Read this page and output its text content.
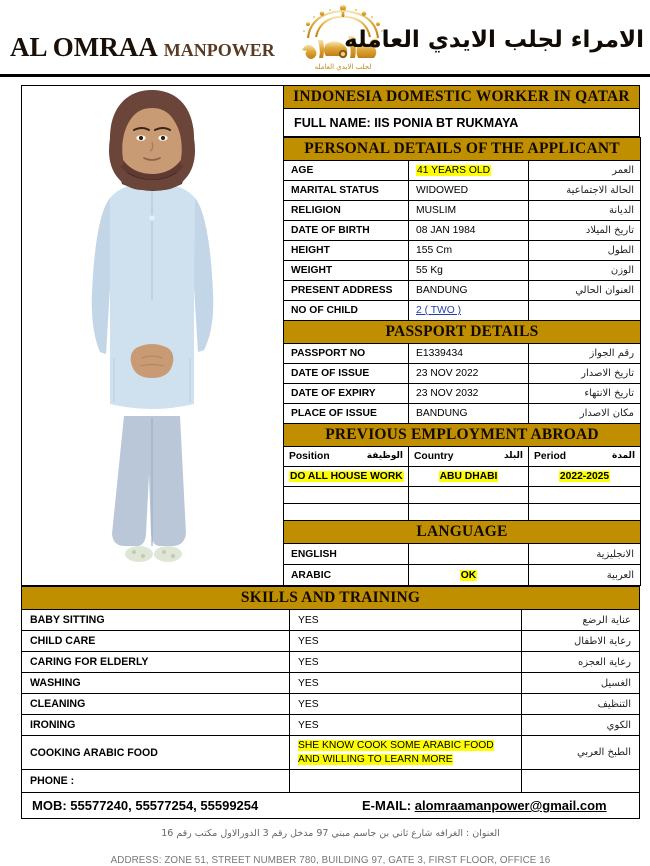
AL OMRAA MANPOWER
لجلب الايدي العامله
الامراء لجلب الايدي العامله
INDONESIA DOMESTIC WORKER IN QATAR
FULL NAME: IIS PONIA BT RUKMAYA
PERSONAL DETAILS OF THE APPLICANT		
AGE	41 YEARS OLD	العمر
MARITAL STATUS	WIDOWED	الحالة الاجتماعية
RELIGION	MUSLIM	الديانة
DATE OF BIRTH	08 JAN 1984	تاريخ الميلاد
HEIGHT	155 Cm	الطول
WEIGHT	55 Kg	الوزن
PRESENT ADDRESS	BANDUNG	العنوان الحالي
NO OF CHILD	2 ( TWO )	
PASSPORT DETAILS		
PASSPORT NO	E1339434	رقم الجواز
DATE OF ISSUE	23 NOV 2022	تاريخ الاصدار
DATE OF EXPIRY	23 NOV 2032	تاريخ الانتهاء
PLACE OF ISSUE	BANDUNG	مكان الاصدار
PREVIOUS EMPLOYMENT ABROAD		

Position الوظيفة	Country البلد	Period المدة

DO ALL HOUSE WORK	ABU DHABI	2022-2025

LANGUAGE		
ENGLISH		الانجليزية
ARABIC	OK	العربية
SKILLS AND TRAINING		
BABY SITTING	YES	عناية الرضع
CHILD CARE	YES	رعاية الاطفال
CARING FOR ELDERLY	YES	رعاية العجزه
WASHING	YES	الغسيل
CLEANING	YES	التنظيف
IRONING	YES	الكوي
COOKING ARABIC FOOD	SHE KNOW COOK SOME ARABIC FOOD
AND WILLING TO LEARN MORE	الطبخ العربي
PHONE :		

MOB: 55577240, 55577254, 55599254 E-MAIL: alomraamanpower@gmail.com		
العنوان : الغرافه شارع ثاني بن جاسم مبني 97 مدخل رقم 3 الدورالاول مكتب رقم 16
ADDRESS: ZONE 51, STREET NUMBER 780, BUILDING 97, GATE 3, FIRST FLOOR, OFFICE 16
